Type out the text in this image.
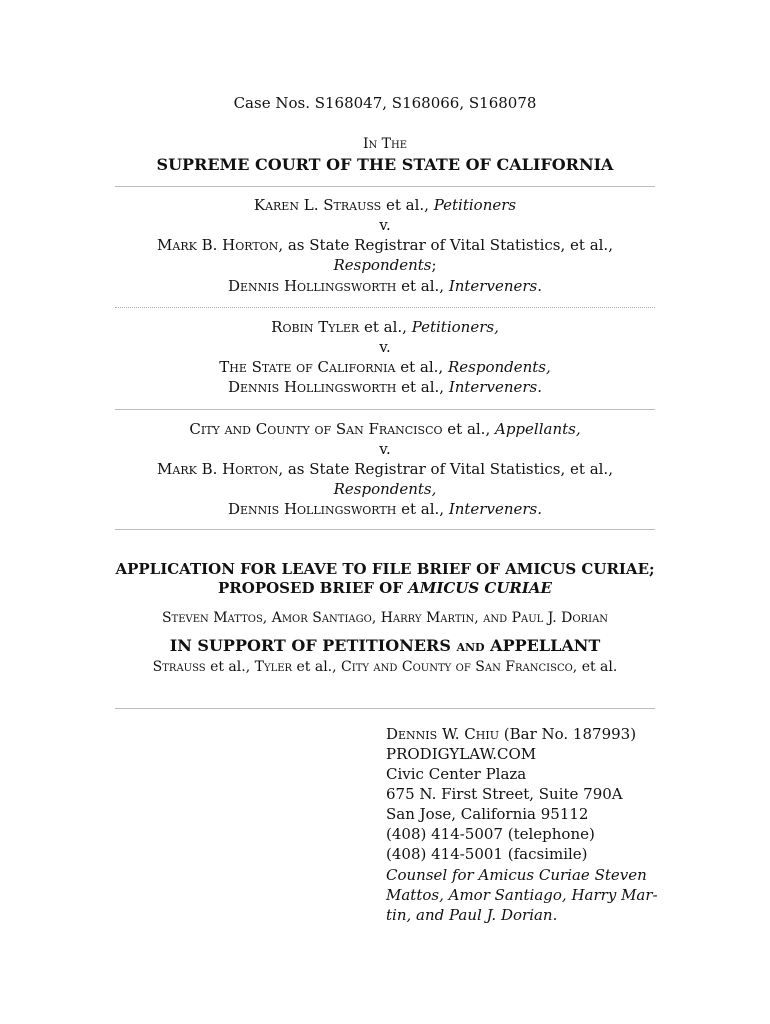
Case Nos. S168047, S168066, S168078
In The
SUPREME COURT OF THE STATE OF CALIFORNIA
Karen L. Strauss et al., Petitioners
v.
Mark B. Horton, as State Registrar of Vital Statistics, et al.,
Respondents;
Dennis Hollingsworth et al., Interveners.
Robin Tyler et al., Petitioners,
v.
The State of California et al., Respondents,
Dennis Hollingsworth et al., Interveners.
City and County of San Francisco et al., Appellants,
v.
Mark B. Horton, as State Registrar of Vital Statistics, et al.,
Respondents,
Dennis Hollingsworth et al., Interveners.
APPLICATION FOR LEAVE TO FILE BRIEF OF AMICUS CURIAE;
PROPOSED BRIEF OF AMICUS CURIAE
Steven Mattos, Amor Santiago, Harry Martin, and Paul J. Dorian
IN SUPPORT OF PETITIONERS and APPELLANT
Strauss et al., Tyler et al., City and County of San Francisco, et al.
Dennis W. Chiu (Bar No. 187993)
PRODIGYLAW.COM
Civic Center Plaza
675 N. First Street, Suite 790A
San Jose, California 95112
(408) 414-5007 (telephone)
(408) 414-5001 (facsimile)
Counsel for Amicus Curiae Steven
Mattos, Amor Santiago, Harry Mar-
tin, and Paul J. Dorian.
